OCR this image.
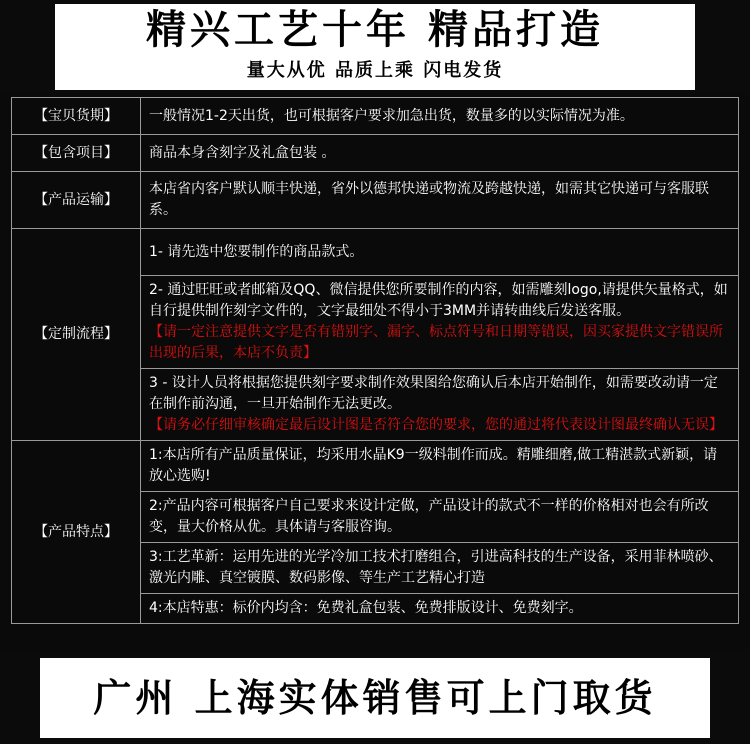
精兴工艺十年 精品打造
量大从优 品质上乘 闪电发货
【宝贝货期】	一般情况1-2天出货，也可根据客户要求加急出货，数量多的以实际情况为准。
【包含项目】	商品本身含刻字及礼盒包装 。
【产品运输】	本店省内客户默认顺丰快递，省外以德邦快递或物流及跨越快递，如需其它快递可与客服联系。
【定制流程】	1- 请先选中您要制作的商品款式。
	2- 通过旺旺或者邮箱及QQ、微信提供您所要制作的内容，如需雕刻logo,请提供矢量格式，如自行提供制作刻字文件的，文字最细处不得小于3MM并请转曲线后发送客服。
【请一定注意提供文字是否有错别字、漏字、标点符号和日期等错误，因买家提供文字错误所出现的后果，本店不负责】
	3 - 设计人员将根据您提供刻字要求制作效果图给您确认后本店开始制作，如需要改动请一定在制作前沟通，一旦开始制作无法更改。
【请务必仔细审核确定最后设计图是否符合您的要求，您的通过将代表设计图最终确认无误】
【产品特点】	1:本店所有产品质量保证，均采用水晶K9一级料制作而成。精雕细磨,做工精湛款式新颖，请放心选购!
	2:产品内容可根据客户自己要求来设计定做，产品设计的款式不一样的价格相对也会有所改变，量大价格从优。具体请与客服咨询。
	3:工艺革新：运用先进的光学冷加工技术打磨组合，引进高科技的生产设备，采用菲林喷砂、激光内雕、真空镀膜、数码影像、等生产工艺精心打造
	4:本店特惠：标价内均含：免费礼盒包装、免费排版设计、免费刻字。
广州 上海实体销售可上门取货
